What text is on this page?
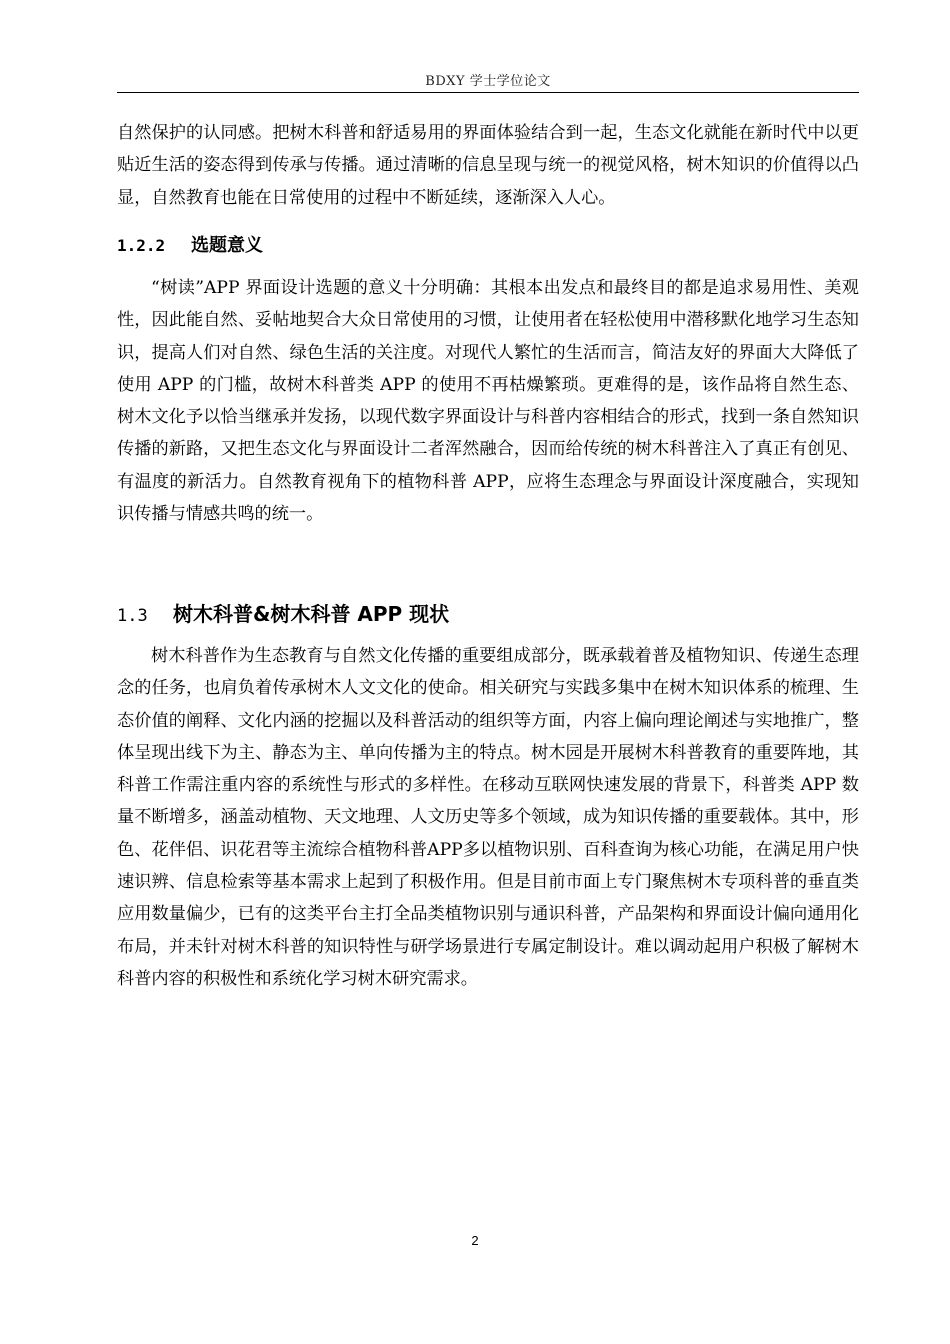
BDXY 学士学位论文

自然保护的认同感。把树木科普和舒适易用的界面体验结合到一起，生态文化就能在新时代中以更贴近生活的姿态得到传承与传播。通过清晰的信息呈现与统一的视觉风格，树木知识的价值得以凸显，自然教育也能在日常使用的过程中不断延续，逐渐深入人心。

1.2.2 选题意义

“树读”APP 界面设计选题的意义十分明确：其根本出发点和最终目的都是追求易用性、美观性，因此能自然、妥帖地契合大众日常使用的习惯，让使用者在轻松使用中潜移默化地学习生态知识，提高人们对自然、绿色生活的关注度。对现代人繁忙的生活而言，简洁友好的界面大大降低了使用 APP 的门槛，故树木科普类 APP 的使用不再枯燥繁琐。更难得的是，该作品将自然生态、树木文化予以恰当继承并发扬，以现代数字界面设计与科普内容相结合的形式，找到一条自然知识传播的新路，又把生态文化与界面设计二者浑然融合，因而给传统的树木科普注入了真正有创见、有温度的新活力。自然教育视角下的植物科普 APP，应将生态理念与界面设计深度融合，实现知识传播与情感共鸣的统一。

1.3 树木科普&树木科普 APP 现状

树木科普作为生态教育与自然文化传播的重要组成部分，既承载着普及植物知识、传递生态理念的任务，也肩负着传承树木人文文化的使命。相关研究与实践多集中在树木知识体系的梳理、生态价值的阐释、文化内涵的挖掘以及科普活动的组织等方面，内容上偏向理论阐述与实地推广，整体呈现出线下为主、静态为主、单向传播为主的特点。树木园是开展树木科普教育的重要阵地，其科普工作需注重内容的系统性与形式的多样性。在移动互联网快速发展的背景下，科普类 APP 数量不断增多，涵盖动植物、天文地理、人文历史等多个领域，成为知识传播的重要载体。其中，形色、花伴侣、识花君等主流综合植物科普APP多以植物识别、百科查询为核心功能，在满足用户快速识辨、信息检索等基本需求上起到了积极作用。但是目前市面上专门聚焦树木专项科普的垂直类应用数量偏少，已有的这类平台主打全品类植物识别与通识科普，产品架构和界面设计偏向通用化布局，并未针对树木科普的知识特性与研学场景进行专属定制设计。难以调动起用户积极了解树木科普内容的积极性和系统化学习树木研究需求。

2
